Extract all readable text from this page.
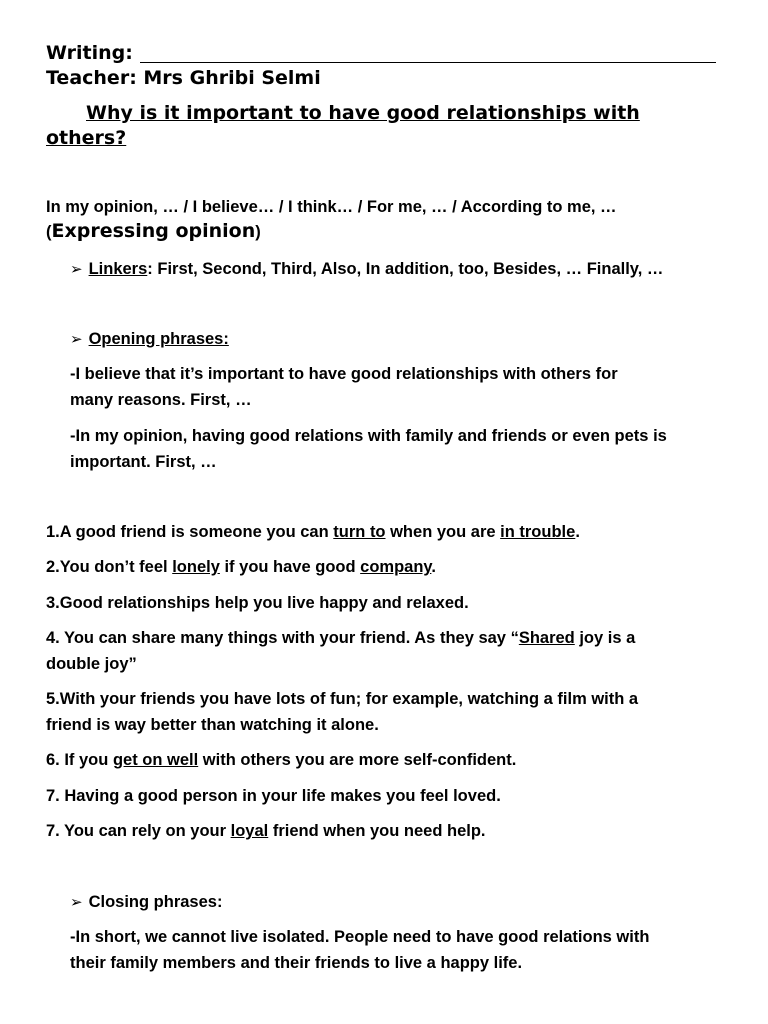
Writing:
Teacher: Mrs Ghribi Selmi
Why is it important to have good relationships with others?
In my opinion, … / I believe… / I think… / For me, … / According to me, …
(Expressing opinion)
➢ Linkers: First, Second, Third, Also, In addition, too, Besides, … Finally, …
➢ Opening phrases:
-I believe that it’s important to have good relationships with others for
many reasons. First, …
-In my opinion, having good relations with family and friends or even pets is
important. First, …
1.A good friend is someone you can turn to when you are in trouble.
2.You don’t feel lonely if you have good company.
3.Good relationships help you live happy and relaxed.
4. You can share many things with your friend. As they say “Shared joy is a
double joy”
5.With your friends you have lots of fun; for example, watching a film with a
friend is way better than watching it alone.
6. If you get on well with others you are more self-confident.
7. Having a good person in your life makes you feel loved.
7. You can rely on your loyal friend when you need help.
➢ Closing phrases:
-In short, we cannot live isolated. People need to have good relations with
their family members and their friends to live a happy life.
